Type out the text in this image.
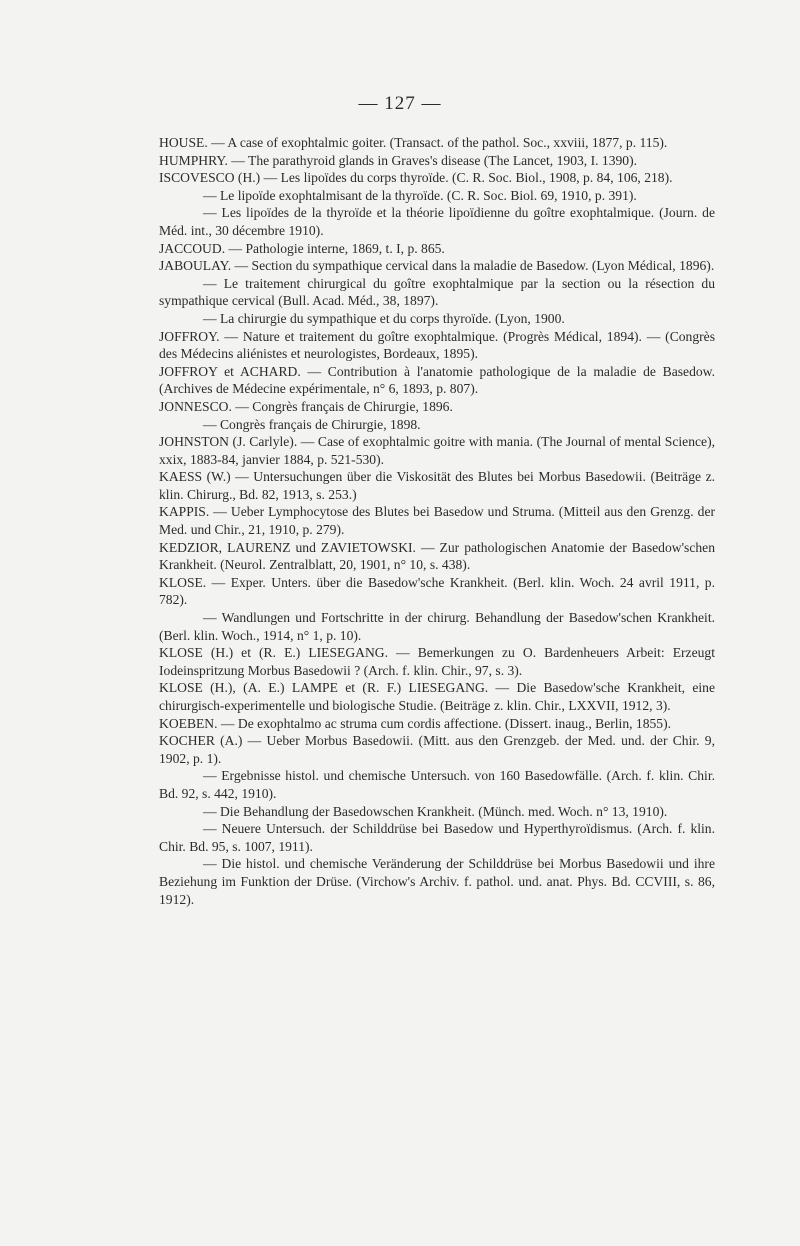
— 127 —

HOUSE. — A case of exophtalmic goiter. (Transact. of the pathol. Soc., xxviii, 1877, p. 115).

HUMPHRY. — The parathyroid glands in Graves's disease (The Lancet, 1903, I. 1390).

ISCOVESCO (H.) — Les lipoïdes du corps thyroïde. (C. R. Soc. Biol., 1908, p. 84, 106, 218).

— Le lipoïde exophtalmisant de la thyroïde. (C. R. Soc. Biol. 69, 1910, p. 391).

— Les lipoïdes de la thyroïde et la théorie lipoïdienne du goître exophtalmique. (Journ. de Méd. int., 30 décembre 1910).

JACCOUD. — Pathologie interne, 1869, t. I, p. 865.

JABOULAY. — Section du sympathique cervical dans la maladie de Basedow. (Lyon Médical, 1896).

— Le traitement chirurgical du goître exophtalmique par la section ou la résection du sympathique cervical (Bull. Acad. Méd., 38, 1897).

— La chirurgie du sympathique et du corps thyroïde. (Lyon, 1900.

JOFFROY. — Nature et traitement du goître exophtalmique. (Progrès Médical, 1894). — (Congrès des Médecins aliénistes et neurologistes, Bordeaux, 1895).

JOFFROY et ACHARD. — Contribution à l'anatomie pathologique de la maladie de Basedow. (Archives de Médecine expérimentale, n° 6, 1893, p. 807).

JONNESCO. — Congrès français de Chirurgie, 1896.

— Congrès français de Chirurgie, 1898.

JOHNSTON (J. Carlyle). — Case of exophtalmic goitre with mania. (The Journal of mental Science), xxix, 1883-84, janvier 1884, p. 521-530).

KAESS (W.) — Untersuchungen über die Viskosität des Blutes bei Morbus Basedowii. (Beiträge z. klin. Chirurg., Bd. 82, 1913, s. 253.)

KAPPIS. — Ueber Lymphocytose des Blutes bei Basedow und Struma. (Mitteil aus den Grenzg. der Med. und Chir., 21, 1910, p. 279).

KEDZIOR, LAURENZ und ZAVIETOWSKI. — Zur pathologischen Anatomie der Basedow'schen Krankheit. (Neurol. Zentralblatt, 20, 1901, n° 10, s. 438).

KLOSE. — Exper. Unters. über die Basedow'sche Krankheit. (Berl. klin. Woch. 24 avril 1911, p. 782).

— Wandlungen und Fortschritte in der chirurg. Behandlung der Basedow'schen Krankheit. (Berl. klin. Woch., 1914, n° 1, p. 10).

KLOSE (H.) et (R. E.) LIESEGANG. — Bemerkungen zu O. Bardenheuers Arbeit: Erzeugt Iodeinspritzung Morbus Basedowii ? (Arch. f. klin. Chir., 97, s. 3).

KLOSE (H.), (A. E.) LAMPE et (R. F.) LIESEGANG. — Die Basedow'sche Krankheit, eine chirurgisch-experimentelle und biologische Studie. (Beiträge z. klin. Chir., LXXVII, 1912, 3).

KOEBEN. — De exophtalmo ac struma cum cordis affectione. (Dissert. inaug., Berlin, 1855).

KOCHER (A.) — Ueber Morbus Basedowii. (Mitt. aus den Grenzgeb. der Med. und. der Chir. 9, 1902, p. 1).

— Ergebnisse histol. und chemische Untersuch. von 160 Basedowfälle. (Arch. f. klin. Chir. Bd. 92, s. 442, 1910).

— Die Behandlung der Basedowschen Krankheit. (Münch. med. Woch. n° 13, 1910).

— Neuere Untersuch. der Schilddrüse bei Basedow und Hyperthyroïdismus. (Arch. f. klin. Chir. Bd. 95, s. 1007, 1911).

— Die histol. und chemische Veränderung der Schilddrüse bei Morbus Basedowii und ihre Beziehung im Funktion der Drüse. (Virchow's Archiv. f. pathol. und. anat. Phys. Bd. CCVIII, s. 86, 1912).
